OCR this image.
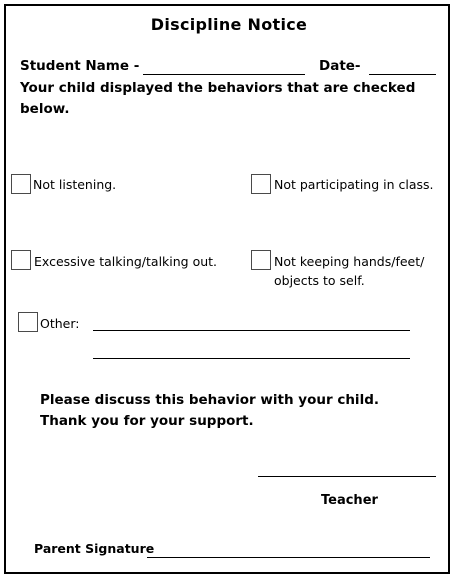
Discipline Notice
Student Name -	Date-
Your child displayed the behaviors that are checked
below.
Not listening.	Not participating in class.
Excessive talking/talking out.	Not keeping hands/feet/
objects to self.
Other:
Please discuss this behavior with your child.
Thank you for your support.
Teacher
Parent Signature
